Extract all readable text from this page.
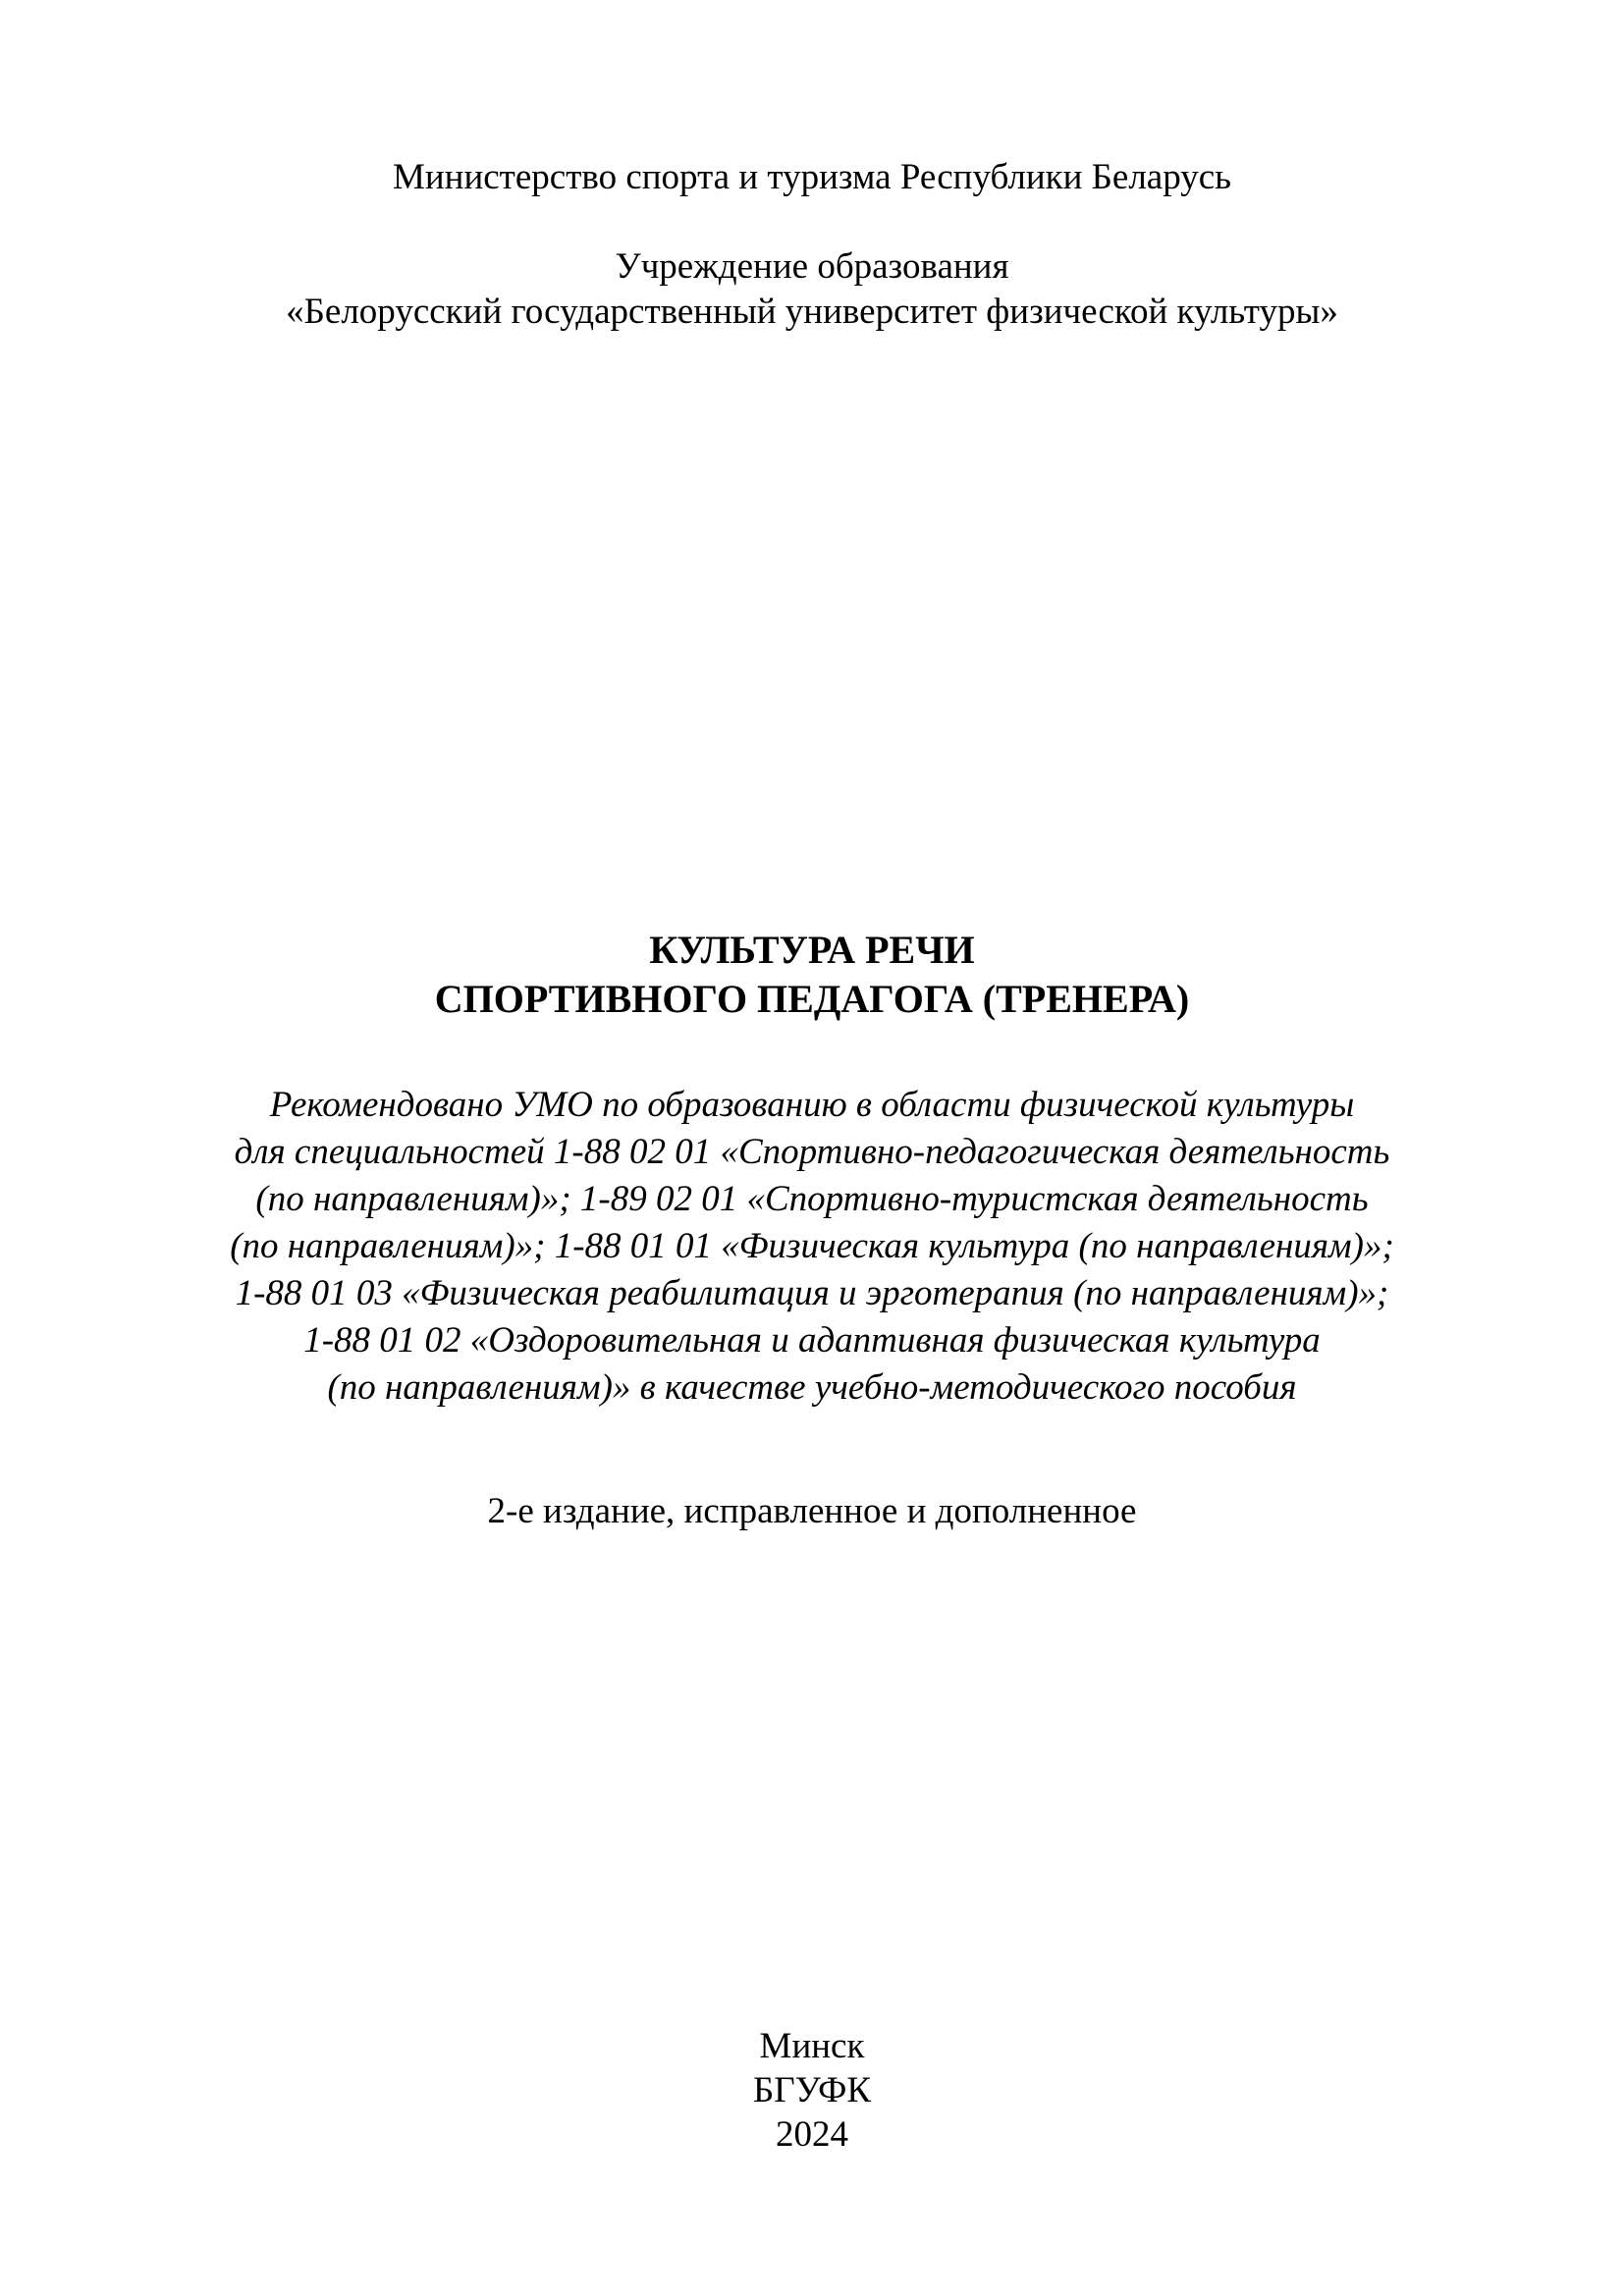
Министерство спорта и туризма Республики Беларусь
Учреждение образования
«Белорусский государственный университет физической культуры»
КУЛЬТУРА РЕЧИ
СПОРТИВНОГО ПЕДАГОГА (ТРЕНЕРА)
Рекомендовано УМО по образованию в области физической культуры
для специальностей 1-88 02 01 «Спортивно-педагогическая деятельность
(по направлениям)»; 1-89 02 01 «Спортивно-туристская деятельность
(по направлениям)»; 1-88 01 01 «Физическая культура (по направлениям)»;
1-88 01 03 «Физическая реабилитация и эрготерапия (по направлениям)»;
1-88 01 02 «Оздоровительная и адаптивная физическая культура
(по направлениям)» в качестве учебно-методического пособия
2-е издание, исправленное и дополненное
Минск
БГУФК
2024
